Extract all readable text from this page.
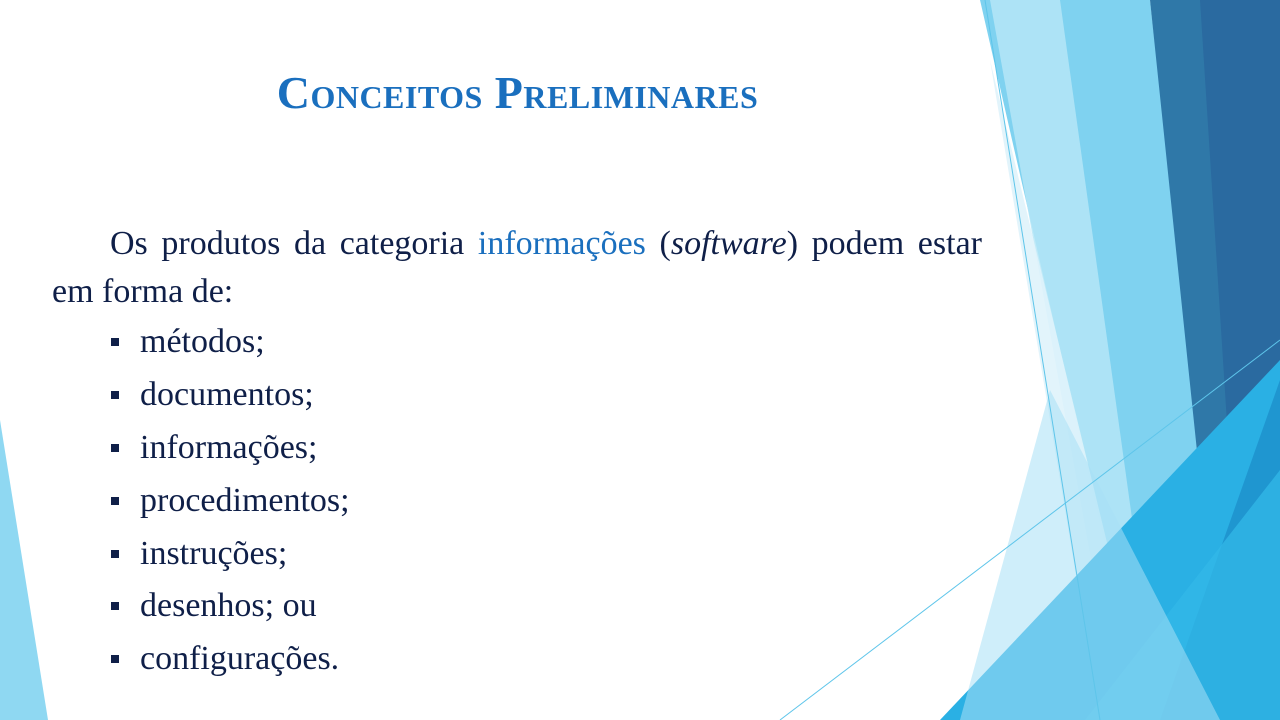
Conceitos Preliminares

Os produtos da categoria informações (software) podem estar em forma de:

métodos;
documentos;
informações;
procedimentos;
instruções;
desenhos; ou
configurações.
